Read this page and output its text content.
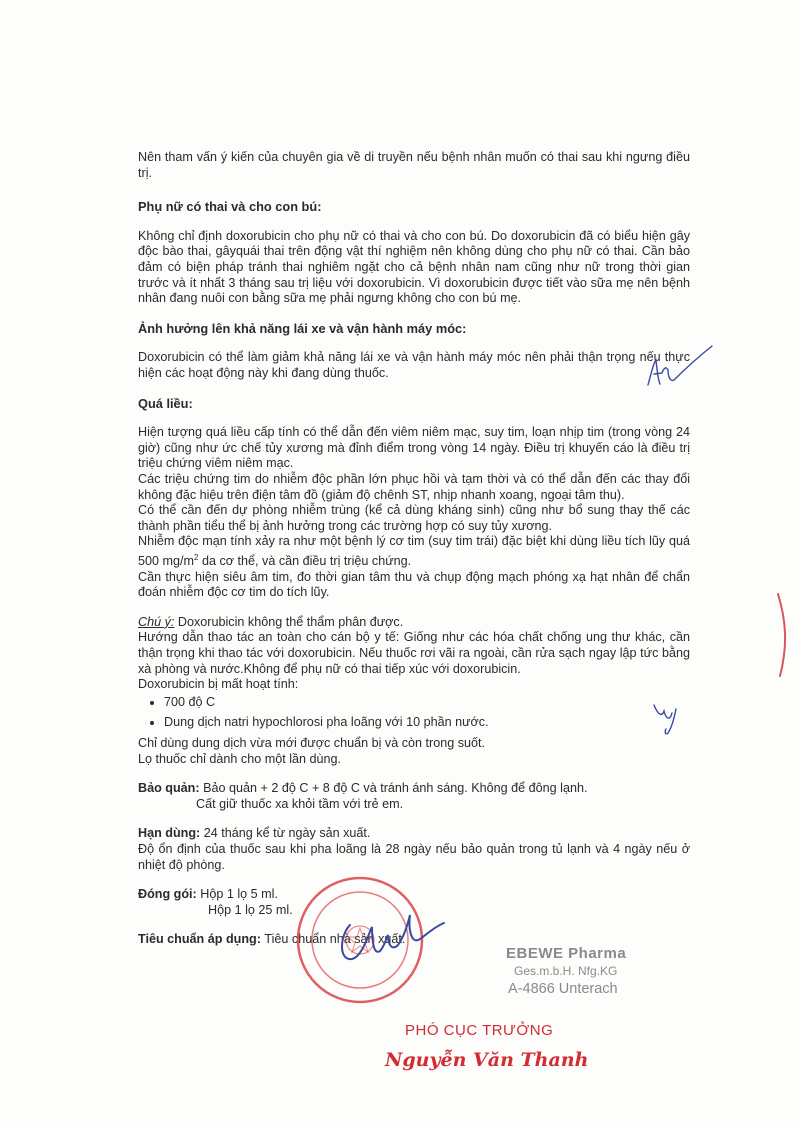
Nên tham vấn ý kiến của chuyên gia về di truyền nếu bệnh nhân muốn có thai sau khi ngưng điều trị.

Phụ nữ có thai và cho con bú:

Không chỉ định doxorubicin cho phụ nữ có thai và cho con bú. Do doxorubicin đã có biểu hiện gây độc bào thai, gâyquái thai trên động vật thí nghiệm nên không dùng cho phụ nữ có thai. Cần bảo đảm có biện pháp tránh thai nghiêm ngặt cho cả bệnh nhân nam cũng như nữ trong thời gian trước và ít nhất 3 tháng sau trị liệu với doxorubicin. Vì doxorubicin được tiết vào sữa mẹ nên bệnh nhân đang nuôi con bằng sữa mẹ phải ngưng không cho con bú mẹ.

Ảnh hưởng lên khả năng lái xe và vận hành máy móc:

Doxorubicin có thể làm giảm khả năng lái xe và vận hành máy móc nên phải thận trọng nếu thực hiện các hoạt động này khi đang dùng thuốc.

Quá liều:

Hiện tượng quá liều cấp tính có thể dẫn đến viêm niêm mạc, suy tim, loạn nhịp tim (trong vòng 24 giờ) cũng như ức chế tủy xương mà đỉnh điểm trong vòng 14 ngày. Điều trị khuyến cáo là điều trị triệu chứng viêm niêm mạc.

Các triệu chứng tim do nhiễm độc phần lớn phục hồi và tạm thời và có thể dẫn đến các thay đổi không đặc hiệu trên điện tâm đồ (giảm độ chênh ST, nhịp nhanh xoang, ngoại tâm thu).

Có thể cần đến dự phòng nhiễm trùng (kể cả dùng kháng sinh) cũng như bổ sung thay thế các thành phần tiểu thể bị ảnh hưởng trong các trường hợp có suy tủy xương.

Nhiễm độc mạn tính xảy ra như một bệnh lý cơ tim (suy tim trái) đặc biệt khi dùng liều tích lũy quá 500 $mg/m^2$ da cơ thể, và cần điều trị triệu chứng.

Cần thực hiện siêu âm tim, đo thời gian tâm thu và chụp động mạch phóng xạ hạt nhân để chẩn đoán nhiễm độc cơ tim do tích lũy.

Chú ý: Doxorubicin không thể thẩm phân được.

Hướng dẫn thao tác an toàn cho cán bộ y tế: Giống như các hóa chất chống ung thư khác, cần thận trọng khi thao tác với doxorubicin. Nếu thuốc rơi vãi ra ngoài, cần rửa sạch ngay lập tức bằng xà phòng và nước.Không để phụ nữ có thai tiếp xúc với doxorubicin.

Doxorubicin bị mất hoạt tính:

• 700 độ C
• Dung dịch natri hypochlorosi pha loãng với 10 phần nước.

Chỉ dùng dung dịch vừa mới được chuẩn bị và còn trong suốt.

Lọ thuốc chỉ dành cho một lần dùng.

Bảo quản: Bảo quản + 2 độ C + 8 độ C và tránh ánh sáng. Không để đông lạnh.

Cất giữ thuốc xa khỏi tầm với trẻ em.

Hạn dùng: 24 tháng kể từ ngày sản xuất.

Độ ổn định của thuốc sau khi pha loãng là 28 ngày nếu bảo quản trong tủ lạnh và 4 ngày nếu ở nhiệt độ phòng.

Đóng gói: Hộp 1 lọ 5 ml.

Hộp 1 lọ 25 ml.

Tiêu chuẩn áp dụng: Tiêu chuẩn nhà sản xuất.
EBEWE Pharma
Ges.m.b.H. Nfg.KG
A-4866 Unterach
PHÓ CỤC TRƯỞNG
Nguyễn Văn Thanh
